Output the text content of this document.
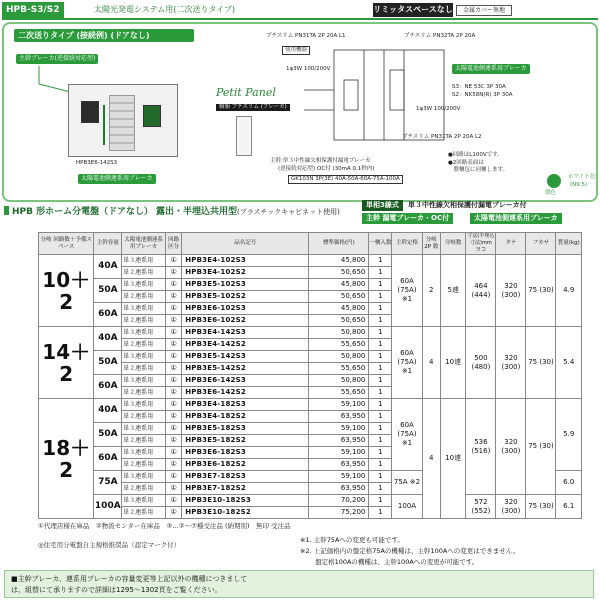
HPB-S3/S2	太陽光発電システム用(二次送りタイプ)	リミッタスペースなし	金属カバー無地
二次送りタイプ (接続例) (ドアなし)
主幹ブレーカ(逆接続対応型)
HPB3E6-142S3
太陽電池側連系用ブレーカ
Petit Panel
樹脂 ブチスリム (ブレーカ)
プチスリム PN31TA 2P 20A L1	プチスリム PN32TA 2P 20A
使用機器
1φ3W 100/200V	太陽電池側連系用ブレーカ
S3：NE 53C 3P 30A
S2：NK58N(R) 3P 30A
1φ3W 100/200V
プチスリム PN31TA 2P 20A L2
主幹:単３中性線欠相保護付漏電ブレーカ
(逆接続対応型) OC付 (30mA 0.1秒内)
GK103N 3P(3E) 40A-50A-60A-75A-100A
●回路はL100Vです。
●2回路表面は
　盤梱包に同梱します。
盤色
ホワイト色
(N9.5)
HPB 形ホーム分電盤（ドアなし） 露出・半埋込共用型(プラスチックキャビネット使用)
単相3線式	単３中性線欠相保護付漏電ブレーカ付
主幹 漏電ブレーカ・OC付	太陽電池側連系用ブレーカ
分岐 回路数＋予備スペース	主幹容量	太陽電池側連系用ブレーカ	回路区分	品名記号	標準価格(円)	一梱入数	主幹定格	分岐 2P 数	分岐数	寸法(半埋込寸法)mm
ヨコ	タテ	フカサ	質量(kg)
10＋2	40A	単３連系用	①	HPB3E4-102S3	45,800	1	60A (75A) ※1	2	5連	464 (444)	320 (300)	75 (30)	4.9
		単２連系用	①	HPB3E4-102S2	50,650	1							
	50A	単３連系用	①	HPB3E5-102S3	45,800	1							
		単２連系用	①	HPB3E5-102S2	50,650	1							
	60A	単３連系用	①	HPB3E6-102S3	45,800	1							
		単２連系用	①	HPB3E6-102S2	50,650	1							
14＋2	40A	単３連系用	①	HPB3E4-142S3	50,800	1	60A (75A) ※1	4	10連	500 (480)	320 (300)	75 (30)	5.4
		単２連系用	①	HPB3E4-142S2	55,650	1							
	50A	単３連系用	①	HPB3E5-142S3	50,800	1							
		単２連系用	①	HPB3E5-142S2	55,650	1							
	60A	単３連系用	①	HPB3E6-142S3	50,800	1							
		単２連系用	①	HPB3E6-142S2	55,650	1							
18＋2	40A	単３連系用	①	HPB3E4-182S3	59,100	1	60A (75A) ※1	4	10連	536 (516)	320 (300)	75 (30)	5.9
		単２連系用	①	HPB3E4-182S2	63,950	1							
	50A	単３連系用	①	HPB3E5-182S3	59,100	1							
		単２連系用	①	HPB3E5-182S2	63,950	1							
	60A	単３連系用	①	HPB3E6-182S3	59,100	1							
		単２連系用	①	HPB3E6-182S2	63,950	1							
	75A	単３連系用	①	HPB3E7-182S3	59,100	1	75A ※2						6.0
		単２連系用	①	HPB3E7-182S2	63,950	1							
	100A	単３連系用	①	HPB3E10-182S3	70,200	1	100A			572 (552)	320 (300)	75 (30)	6.1
		単２連系用	①	HPB3E10-182S2	75,200	1							
①代理店様在庫品　②物流センター在庫品　③…②〜⑦種受注品 (納期別)　無印 受注品
◎住宅用分電盤自主規格推奨品（認定マーク付）
※1. 主幹75Aへの変更も可能です。
※2. 上記価格内の盤定格75Aの機種は、主幹100Aへの変更はできません。
　　 盤定格100Aの機種は、主幹100Aへの変更が可能です。
■主幹ブレーカ、連系用ブレーカの容量変更等上記以外の機種につきまして
は、組替にて承りますので詳細は1295〜1302頁をご覧ください。
